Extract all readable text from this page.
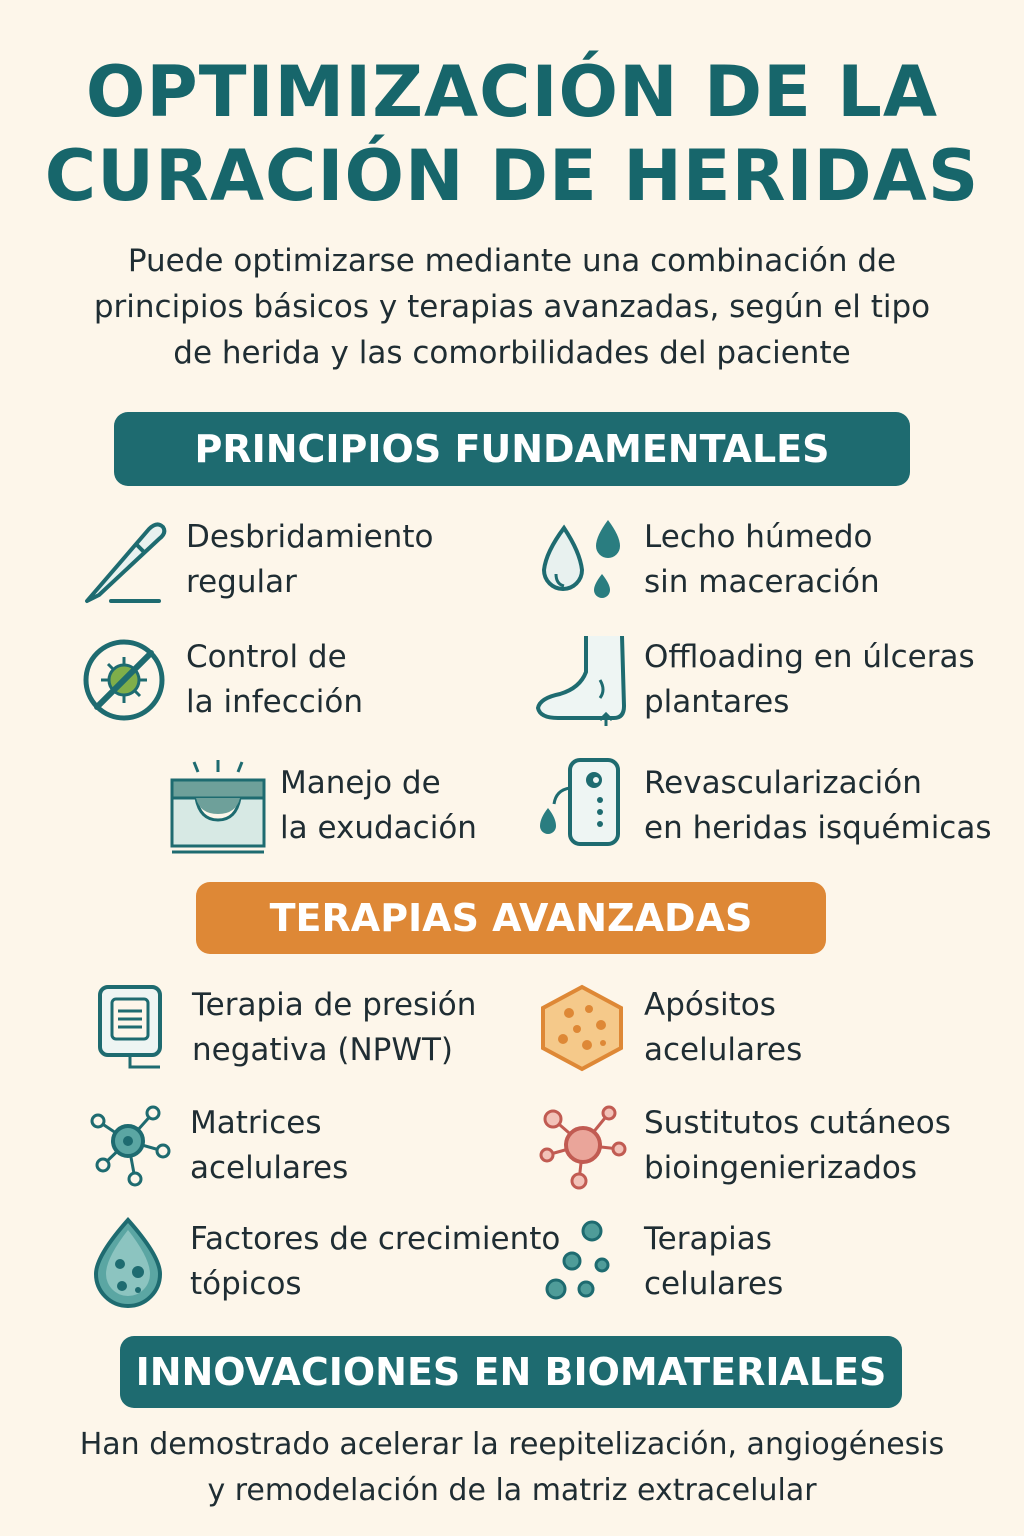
OPTIMIZACIÓN DE LA
CURACIÓN DE HERIDAS

Puede optimizarse mediante una combinación de
principios básicos y terapias avanzadas, según el tipo
de herida y las comorbilidades del paciente

PRINCIPIOS FUNDAMENTALES
Desbridamiento
regular
Lecho húmedo
sin maceración
Control de
la infección
Offloading en úlceras
plantares
Manejo de
la exudación
Revascularización
en heridas isquémicas
TERAPIAS AVANZADAS
Terapia de presión
negativa (NPWT)
Apósitos
acelulares
Matrices
acelulares
Sustitutos cutáneos
bioingenierizados
Factores de crecimiento
tópicos
Terapias
celulares
INNOVACIONES EN BIOMATERIALES

Han demostrado acelerar la reepitelización, angiogénesis
y remodelación de la matriz extracelular
